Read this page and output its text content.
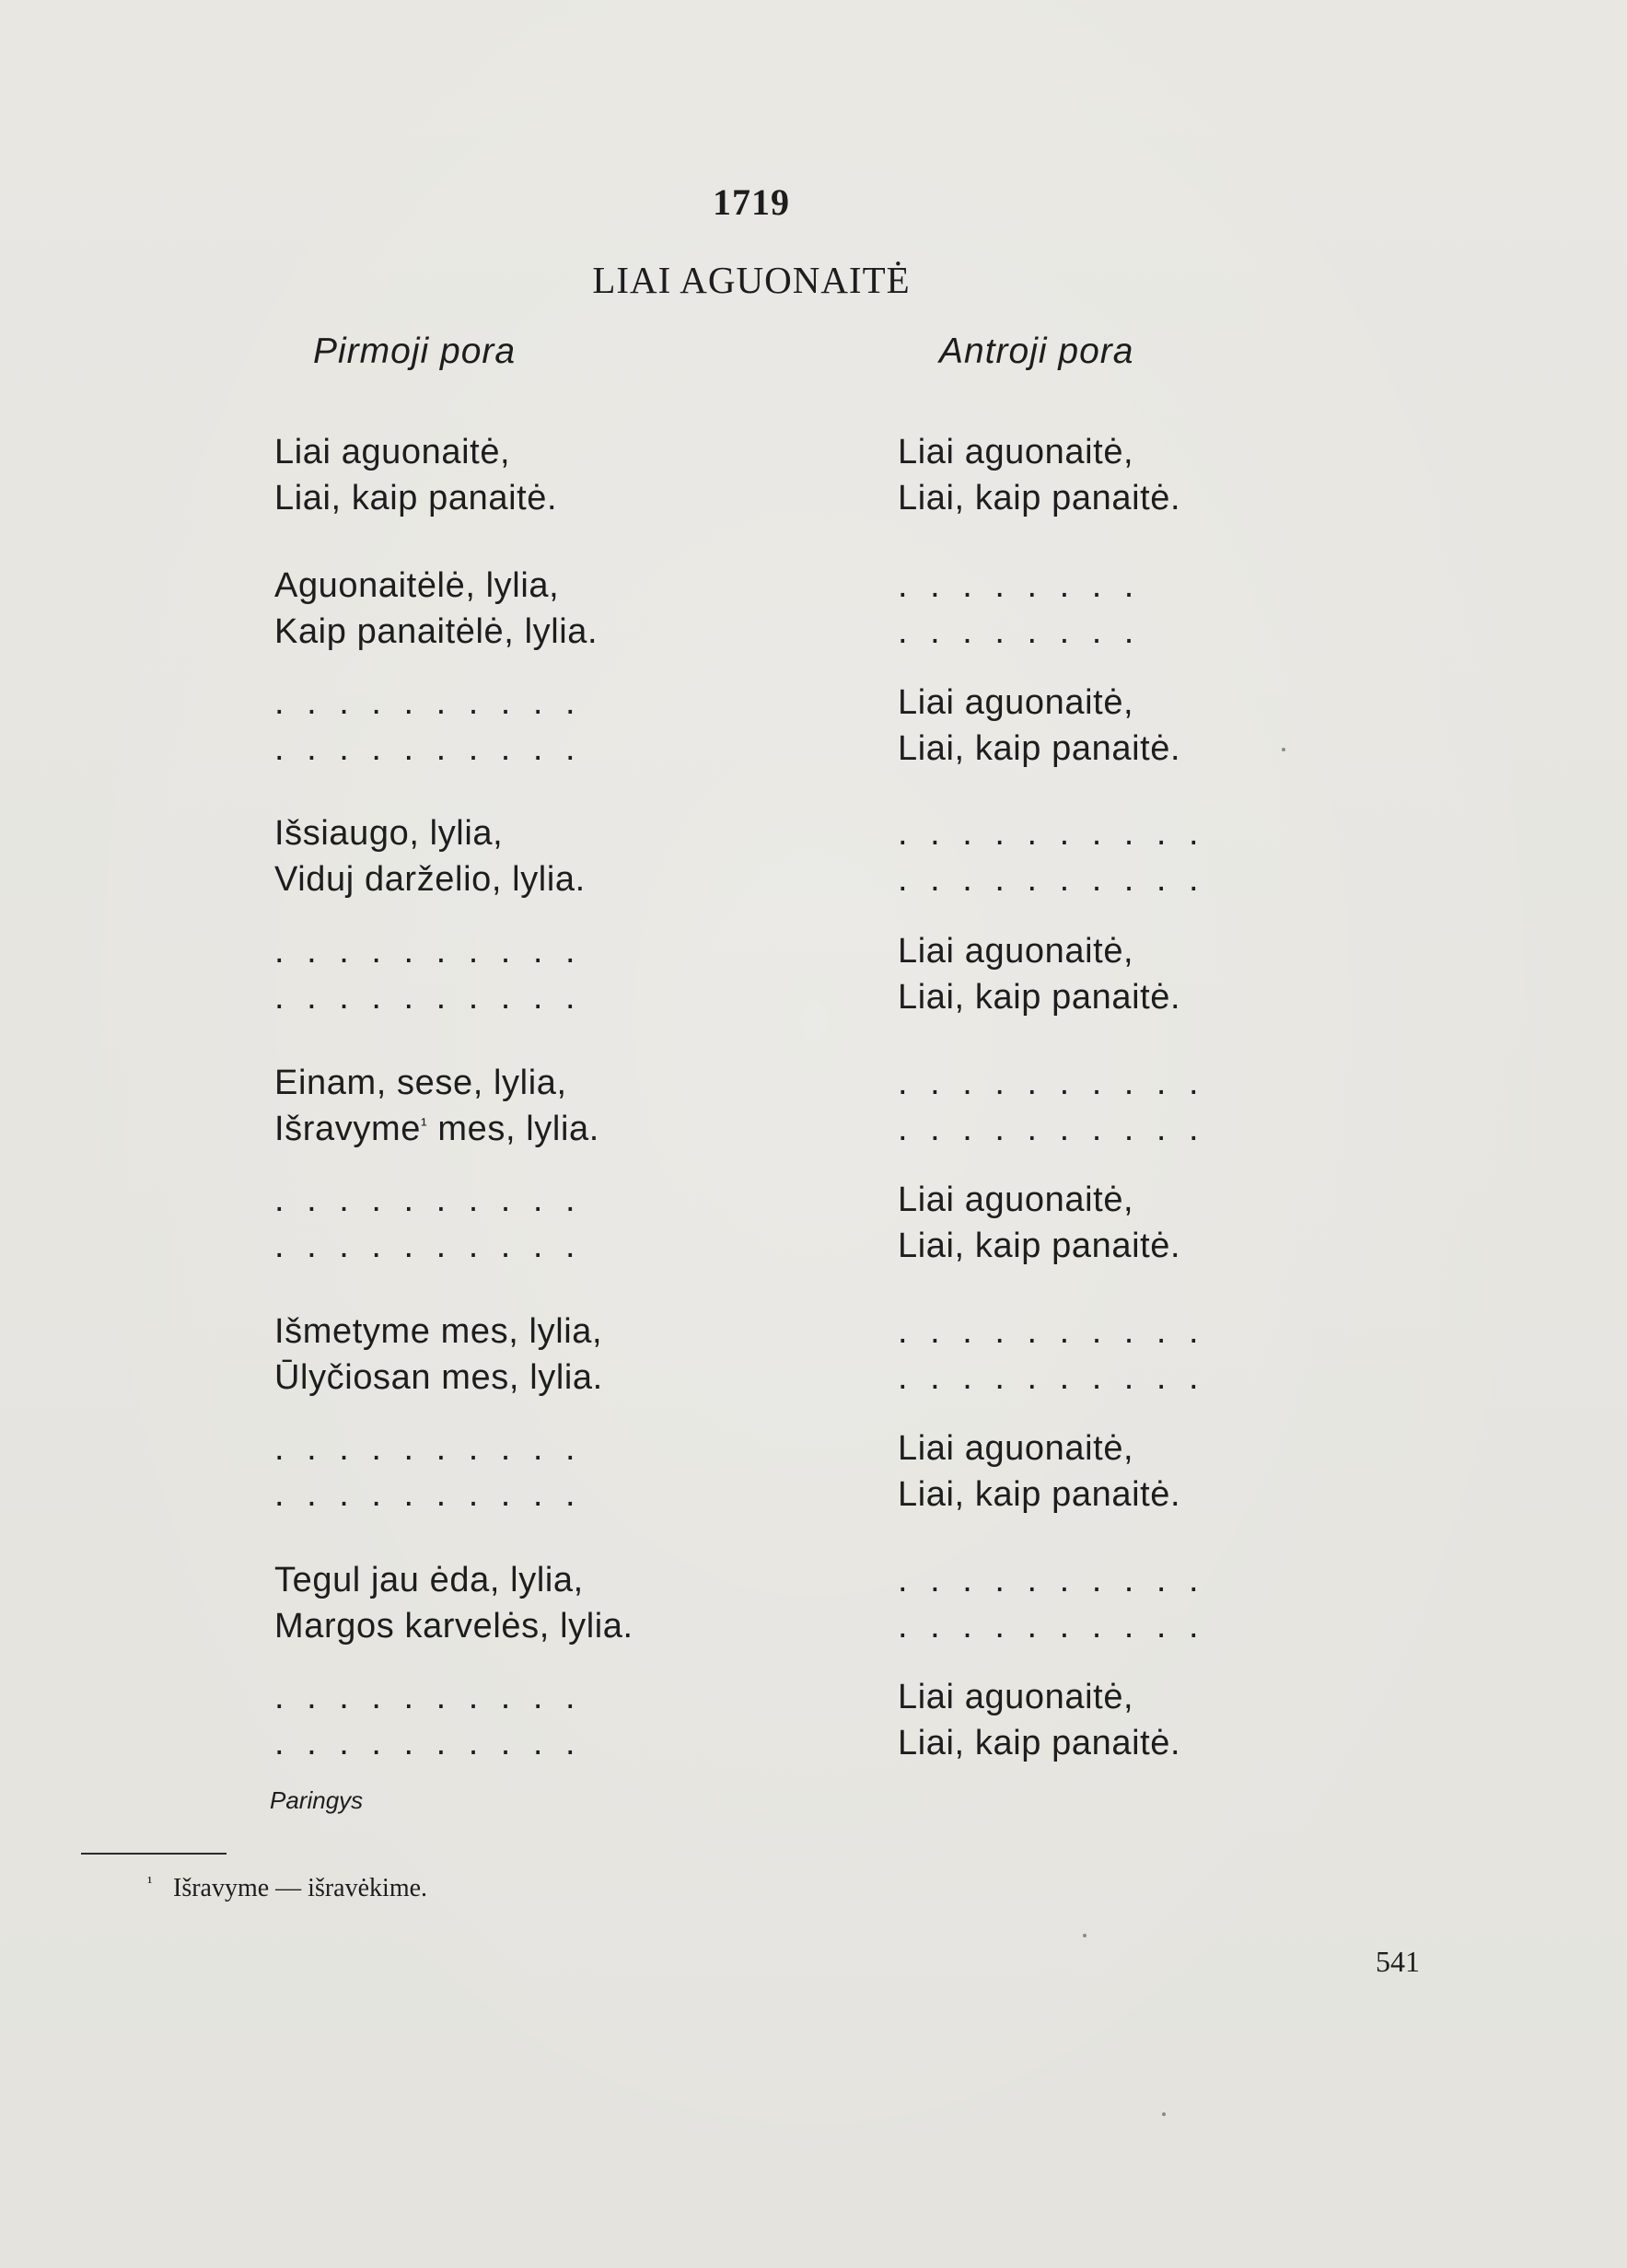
1719
LIAI AGUONAITĖ
Pirmoji pora	Antroji pora
Liai aguonaitė,
Liai, kaip panaitė.
Aguonaitėlė, lylia,
Kaip panaitėlė, lylia.
. . . . . . . . . .
. . . . . . . . . .
Išsiaugo, lylia,
Viduj darželio, lylia.
. . . . . . . . . .
. . . . . . . . . .
Einam, sese, lylia,
Išravyme$^{^1}$ mes, lylia.
. . . . . . . . . .
. . . . . . . . . .
Išmetyme mes, lylia,
Ūlyčiosan mes, lylia.
. . . . . . . . . .
. . . . . . . . . .
Tegul jau ėda, lylia,
Margos karvelės, lylia.
. . . . . . . . . .
. . . . . . . . . .
Liai aguonaitė,
Liai, kaip panaitė.
. . . . . . . .
. . . . . . . .
Liai aguonaitė,
Liai, kaip panaitė.
. . . . . . . . . .
. . . . . . . . . .
Liai aguonaitė,
Liai, kaip panaitė.
. . . . . . . . . .
. . . . . . . . . .
Liai aguonaitė,
Liai, kaip panaitė.
. . . . . . . . . .
. . . . . . . . . .
Liai aguonaitė,
Liai, kaip panaitė.
. . . . . . . . . .
. . . . . . . . . .
Liai aguonaitė,
Liai, kaip panaitė.
Paringys
¹ Išravyme — išravėkime.
541
